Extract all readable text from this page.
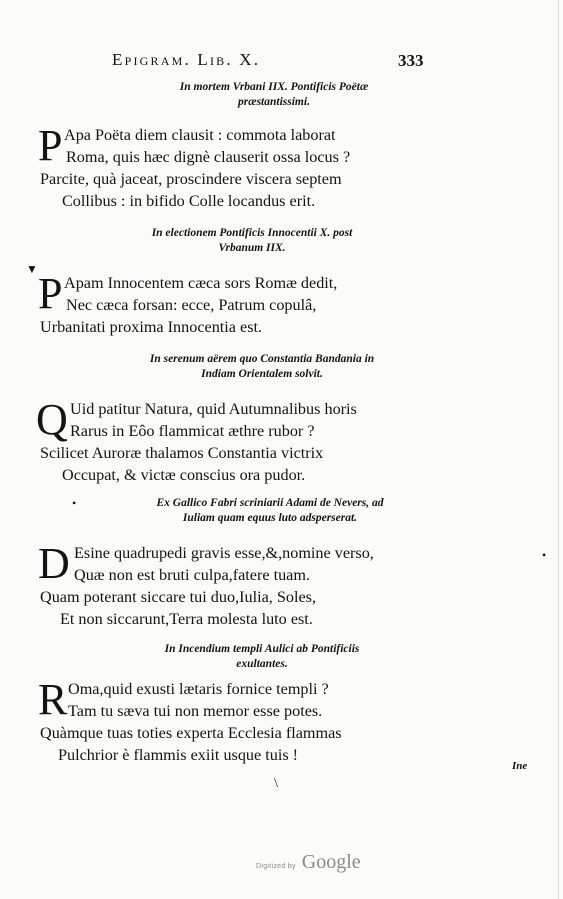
Epigram. Lib. X.	333
In mortem Vrbani IIX. Pontificis Poëtæ
præstantissimi.
P Apa Poëta diem clausit : commota laborat
Roma, quis hæc dignè clauserit ossa locus ?
Parcite, quà jaceat, proscindere viscera septem
Collibus : in bifido Colle locandus erit.
In electionem Pontificis Innocentii X. post
Vrbanum IIX.
▼ P Apam Innocentem cæca sors Romæ dedit,
Nec cæca forsan: ecce, Patrum copulâ,
Urbanitati proxima Innocentia est.
In serenum aërem quo Constantia Bandania in
Indiam Orientalem solvit.
Q Uid patitur Natura, quid Autumnalibus horis
Rarus in Eôo flammicat æthre rubor ?
Scilicet Auroræ thalamos Constantia victrix
Occupat, & victæ conscius ora pudor.
Ex Gallico Fabri scriniarii Adami de Nevers, ad
Iuliam quam equus luto adsperserat.
•
•
D Esine quadrupedi gravis esse,&,nomine verso,
Quæ non est bruti culpa,fatere tuam.
Quam poterant siccare tui duo,Iulia, Soles,
Et non siccarunt,Terra molesta luto est.
In Incendium templi Aulici ab Pontificiis
exultantes.
R Oma,quid exusti lætaris fornice templi ?
Tam tu sæva tui non memor esse potes.
Quàmque tuas toties experta Ecclesia flammas
Pulchrior è flammis exiit usque tuis !
\
Ine
Digitized by Google
